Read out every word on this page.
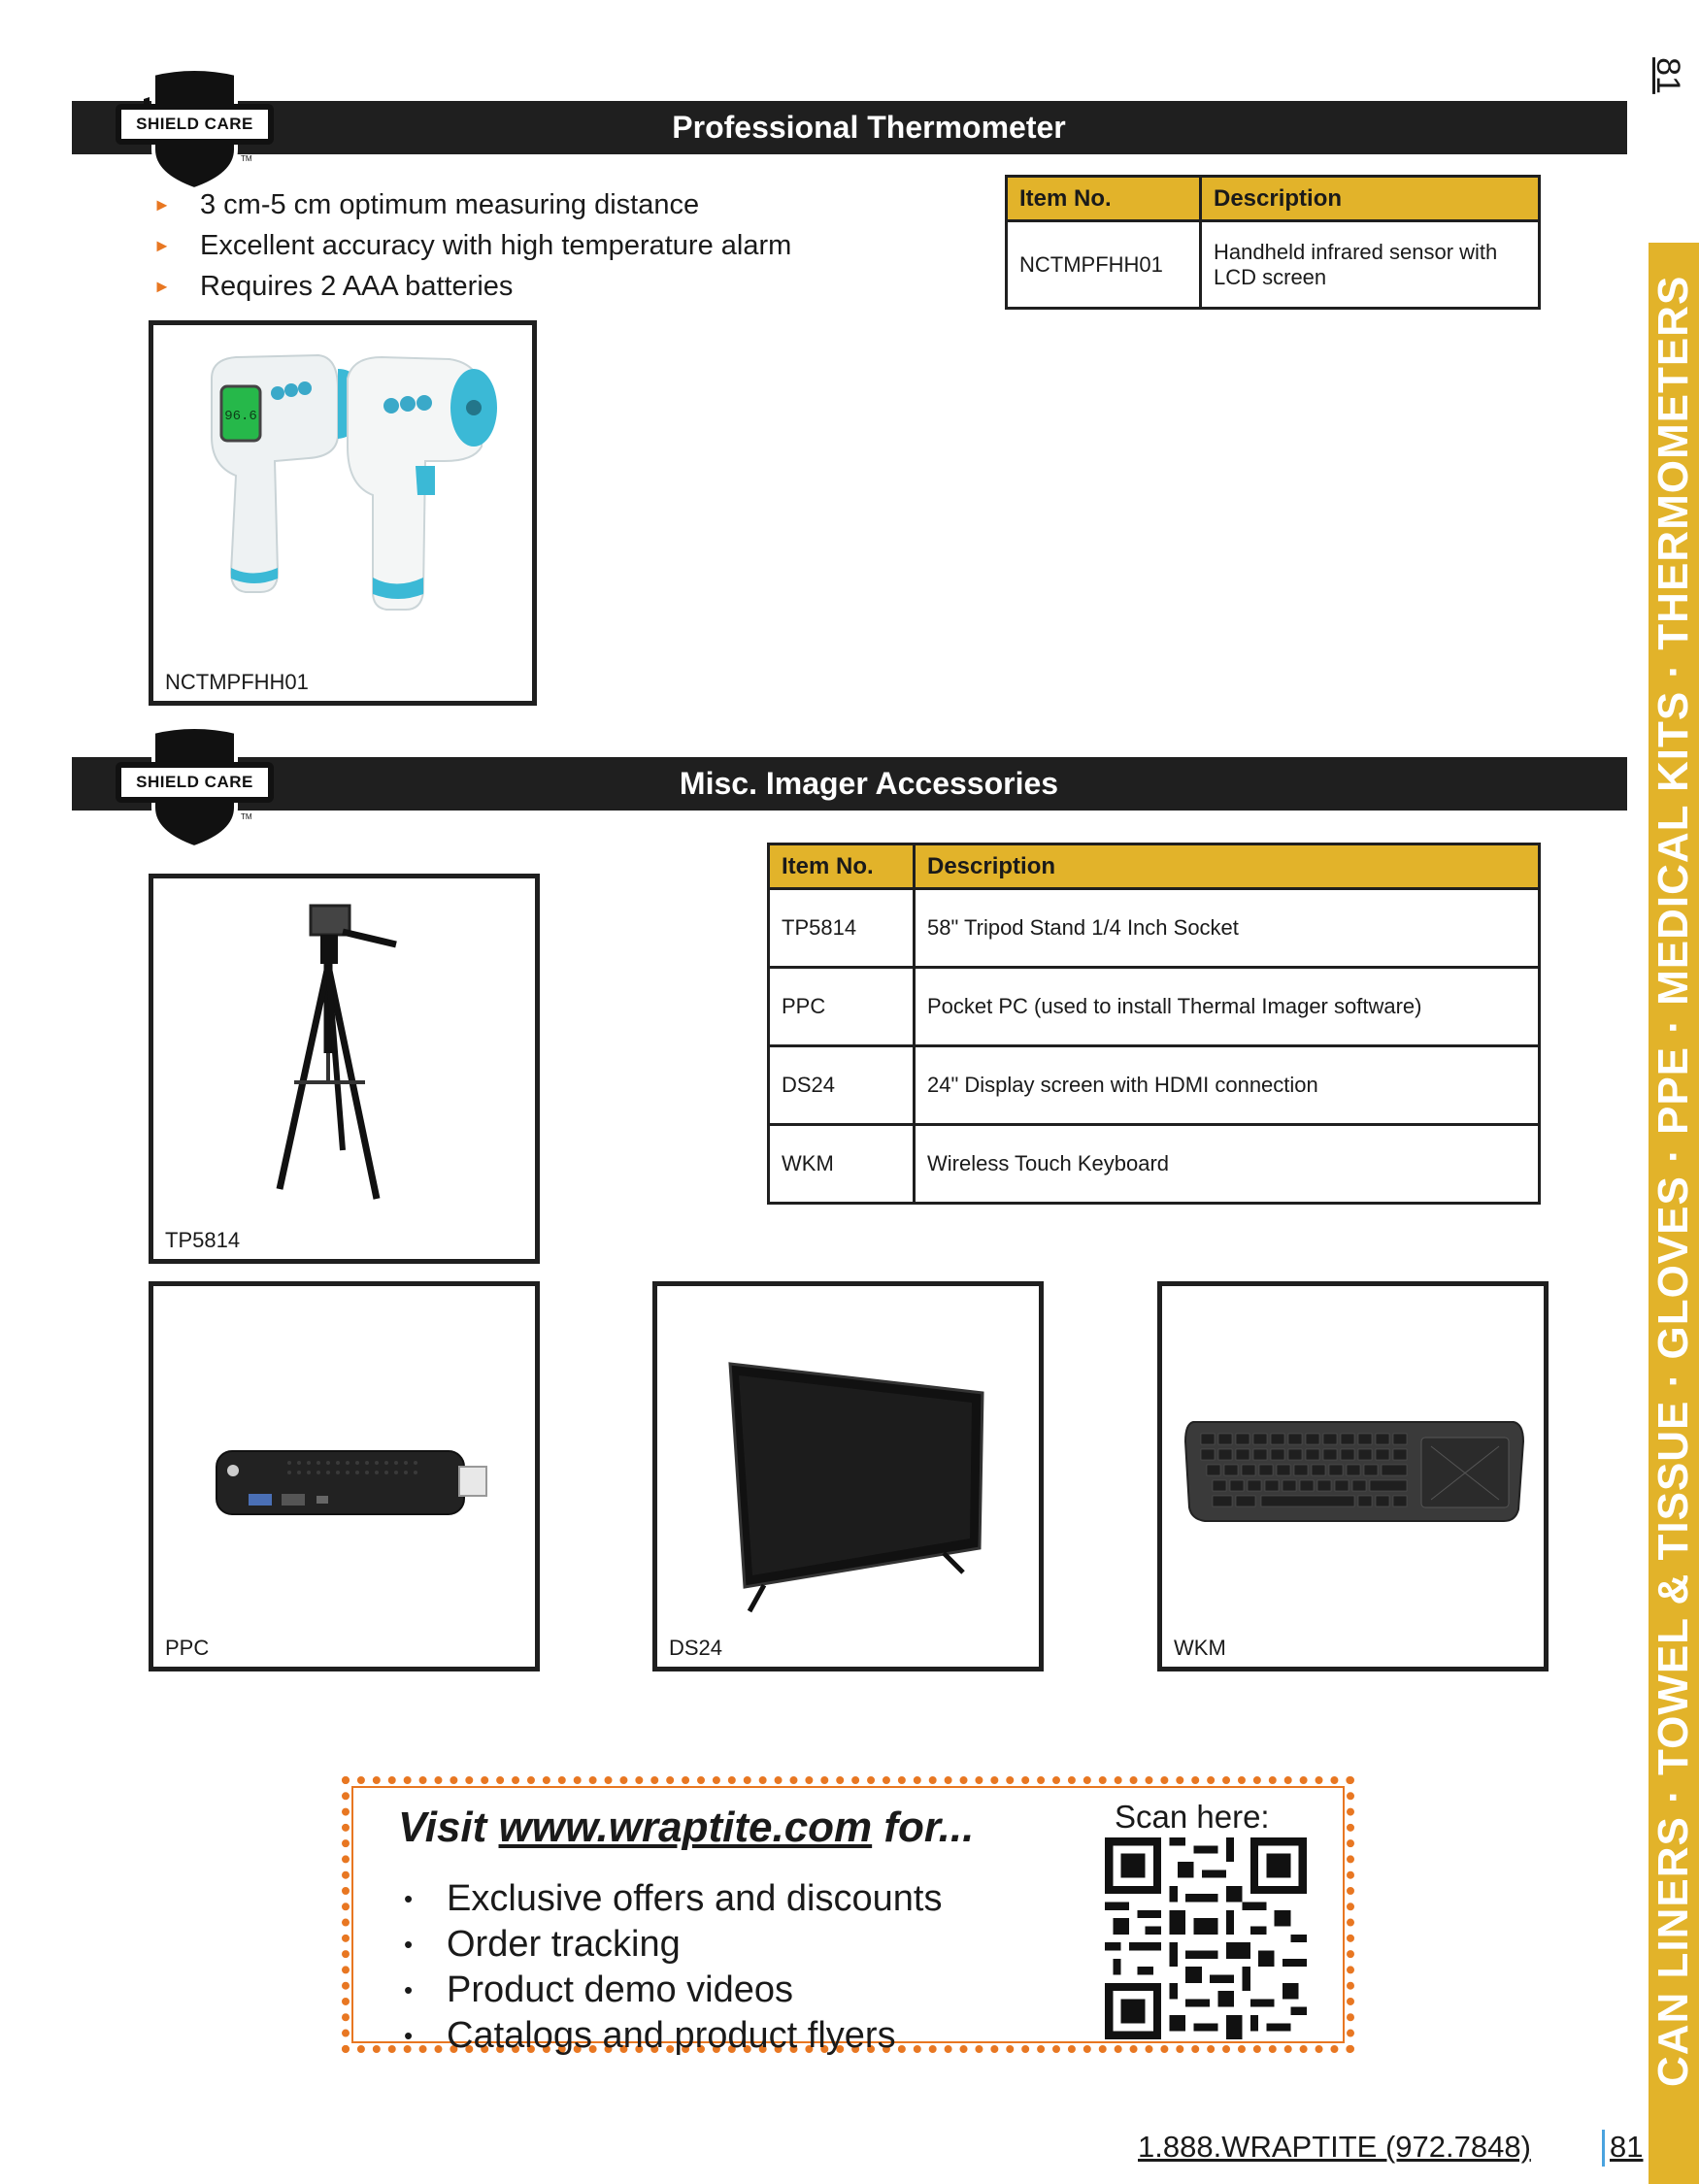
81
CAN LINERS · TOWEL & TISSUE · GLOVES · PPE · MEDICAL KITS · THERMOMETERS
Professional Thermometer
TM
SHIELD CARE
► 3 cm-5 cm optimum measuring distance
► Excellent accuracy with high temperature alarm
► Requires 2 AAA batteries
Item No.	Description
NCTMPFHH01	Handheld infrared sensor with LCD screen
96.6
NCTMPFHH01
Misc. Imager Accessories
TM
SHIELD CARE
Item No.	Description
TP5814	58" Tripod Stand 1/4 Inch Socket
PPC	Pocket PC (used to install Thermal Imager software)
DS24	24" Display screen with HDMI connection
WKM	Wireless Touch Keyboard
TP5814
PPC	DS24	WKM
Visit www.wraptite.com for...
• Exclusive offers and discounts
• Order tracking
• Product demo videos
• Catalogs and product flyers
Scan here:
1.888.WRAPTITE (972.7848)	81
